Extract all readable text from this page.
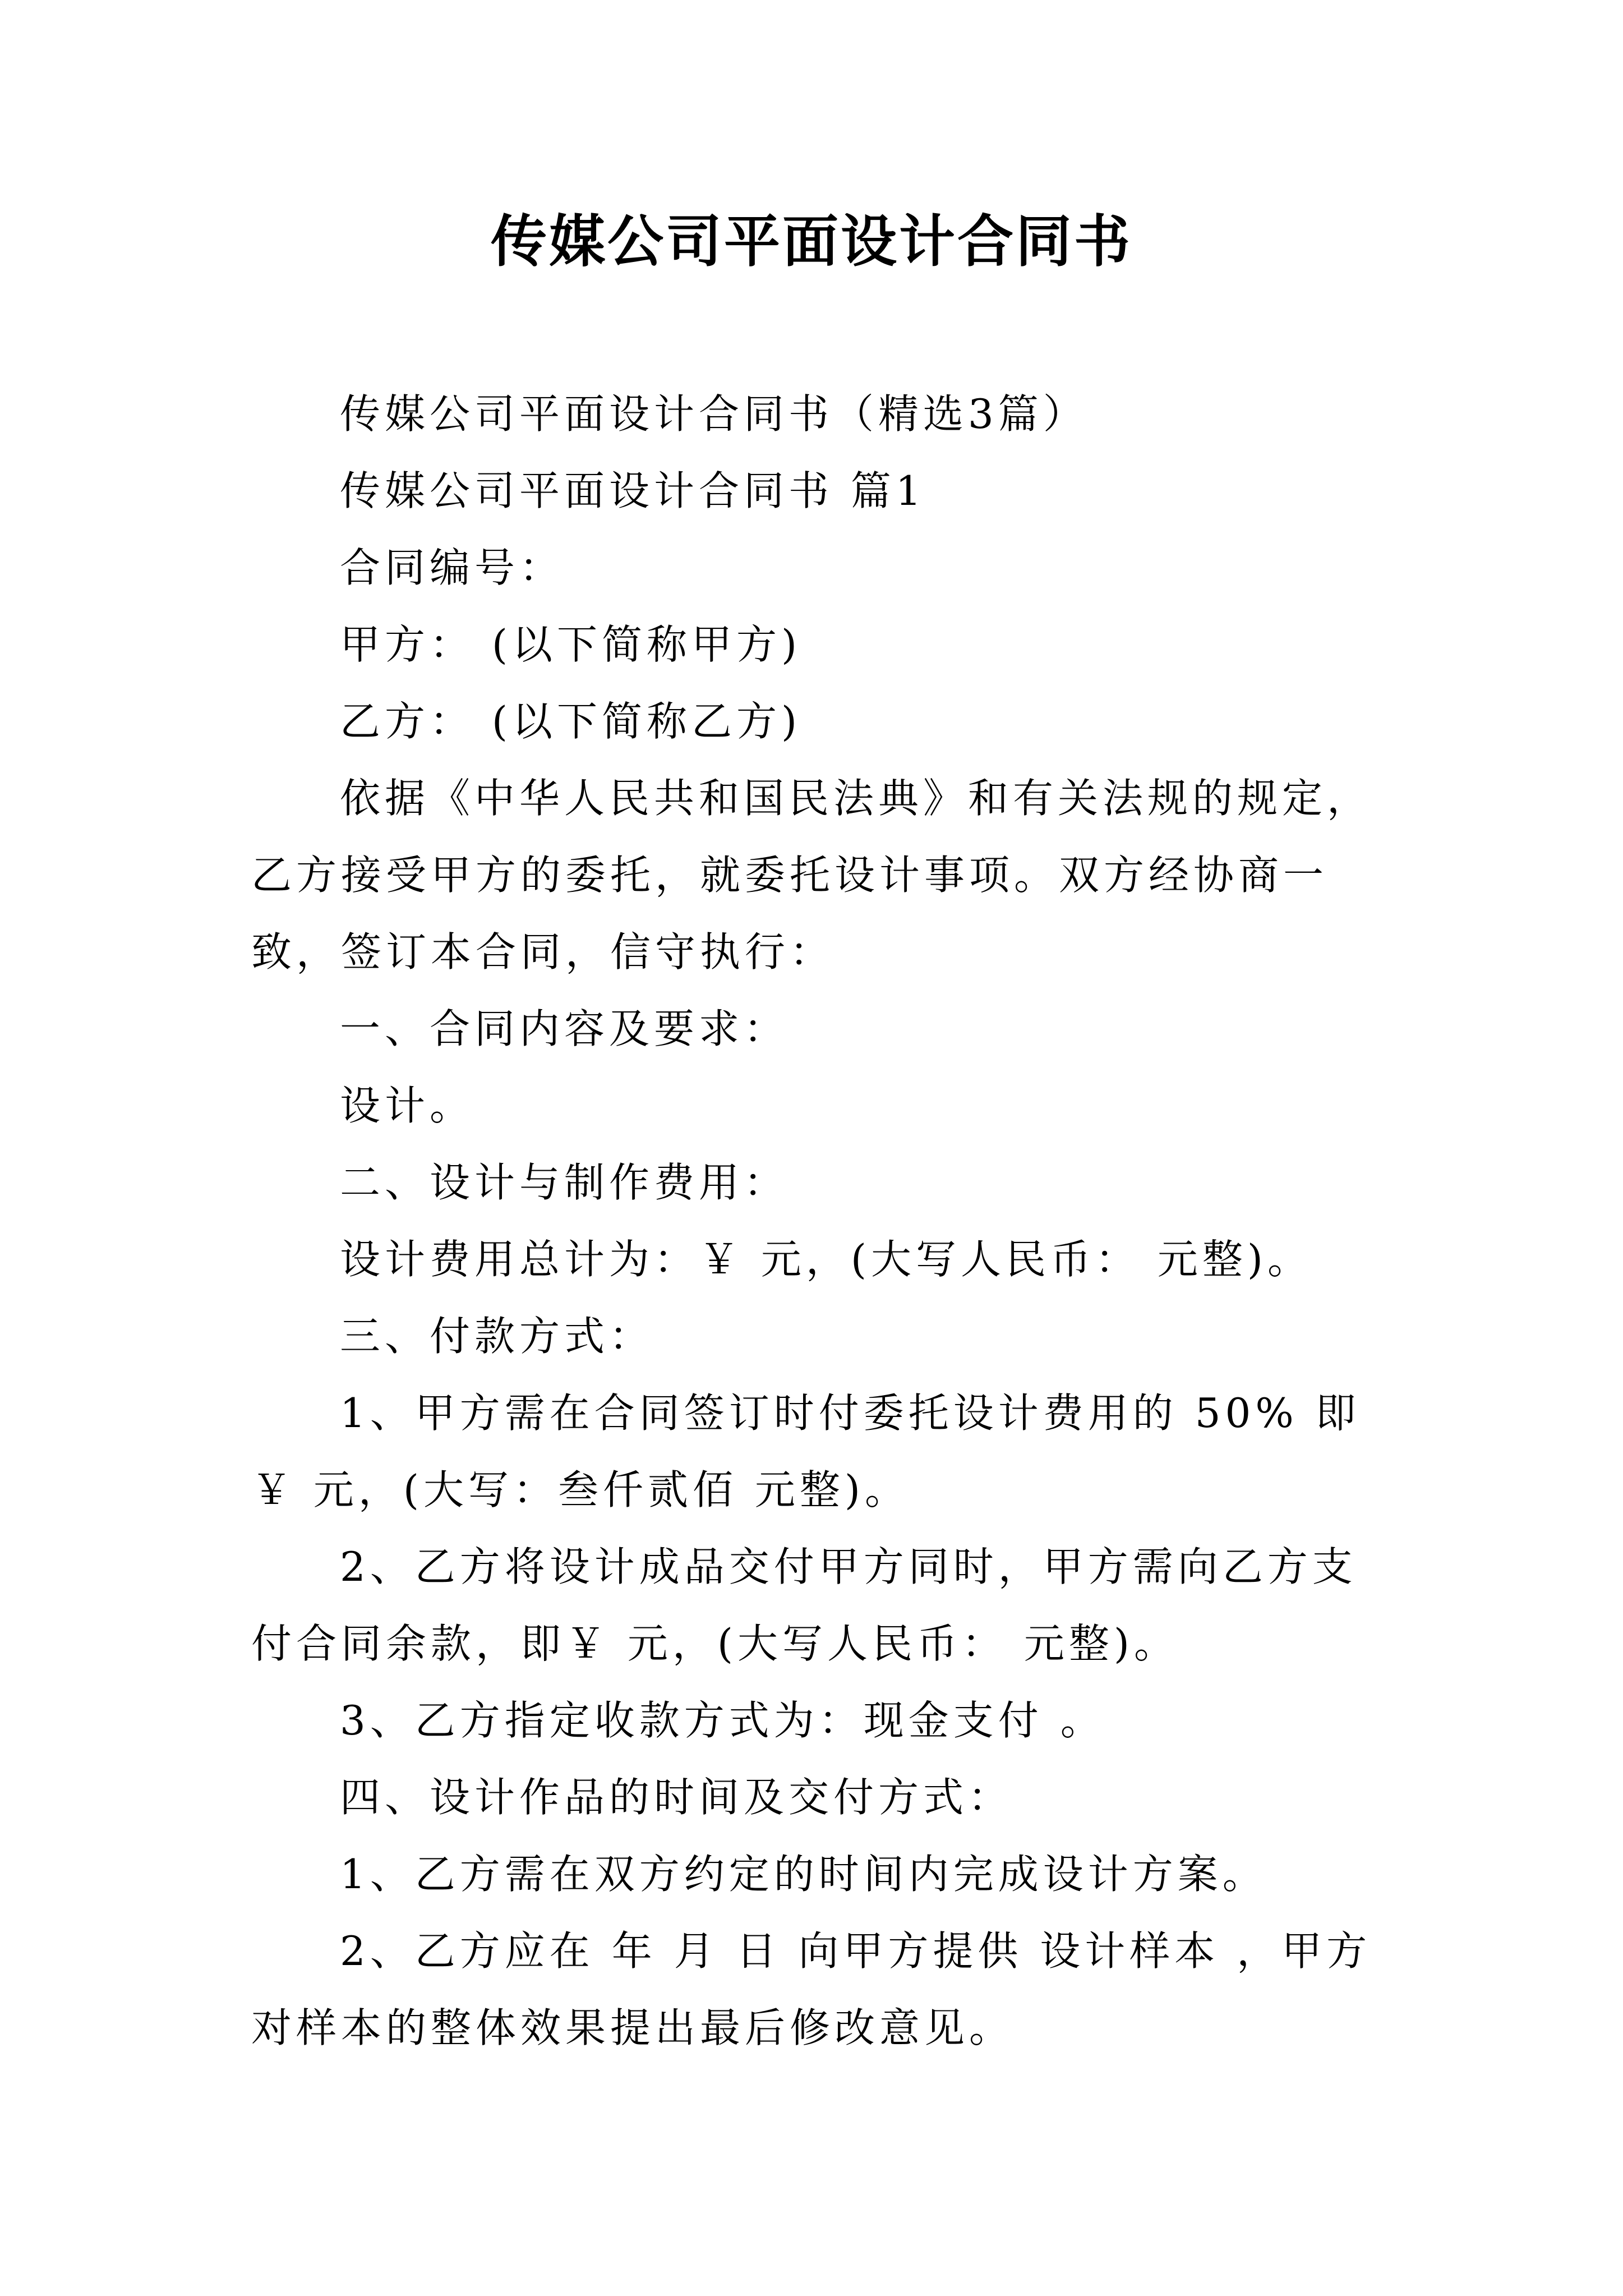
传媒公司平面设计合同书

传媒公司平面设计合同书（精选3篇）

传媒公司平面设计合同书 篇1

合同编号：

甲方： (以下简称甲方)

乙方： (以下简称乙方)

依据《中华人民共和国民法典》和有关法规的规定，乙方接受甲方的委托，就委托设计事项。双方经协商一致，签订本合同，信守执行：

一、合同内容及要求：

设计。

二、设计与制作费用：

设计费用总计为：￥ 元，(大写人民币： 元整)。

三、付款方式：

1、甲方需在合同签订时付委托设计费用的 50% 即 ￥ 元，(大写：叁仟贰佰 元整)。

2、乙方将设计成品交付甲方同时，甲方需向乙方支付合同余款，即￥ 元，(大写人民币： 元整)。

3、乙方指定收款方式为：现金支付 。

四、设计作品的时间及交付方式：

1、乙方需在双方约定的时间内完成设计方案。

2、乙方应在 年 月 日 向甲方提供 设计样本 ，甲方对样本的整体效果提出最后修改意见。
